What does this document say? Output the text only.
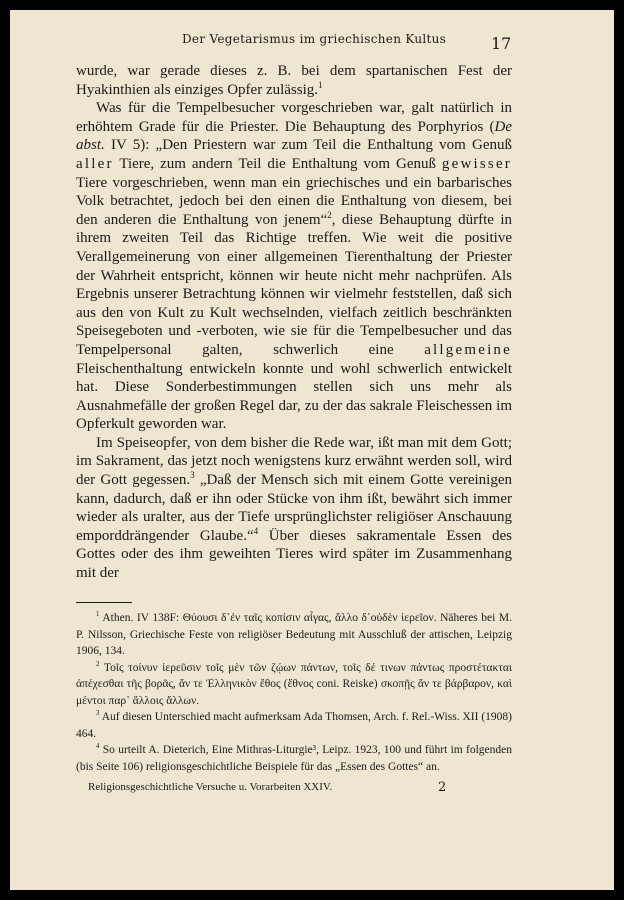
Der Vegetarismus im griechischen Kultus	17

wurde, war gerade dieses z. B. bei dem spartanischen Fest der Hyakinthien als einziges Opfer zulässig.$^1$

Was für die Tempelbesucher vorgeschrieben war, galt natürlich in erhöhtem Grade für die Priester. Die Behauptung des Porphyrios (De abst. IV 5): „Den Priestern war zum Teil die Enthaltung vom Genuß aller Tiere, zum andern Teil die Enthaltung vom Genuß gewisser Tiere vorgeschrieben, wenn man ein griechisches und ein barbarisches Volk betrachtet, jedoch bei den einen die Enthaltung von diesem, bei den anderen die Enthaltung von jenem“$^2$, diese Behauptung dürfte in ihrem zweiten Teil das Richtige treffen. Wie weit die positive Verallgemeinerung von einer allgemeinen Tierenthaltung der Priester der Wahrheit entspricht, können wir heute nicht mehr nachprüfen. Als Ergebnis unserer Betrachtung können wir vielmehr feststellen, daß sich aus den von Kult zu Kult wechselnden, vielfach zeitlich beschränkten Speisegeboten und -verboten, wie sie für die Tempelbesucher und das Tempelpersonal galten, schwerlich eine allgemeine Fleischenthaltung entwickeln konnte und wohl schwerlich entwickelt hat. Diese Sonderbestimmungen stellen sich uns mehr als Ausnahmefälle der großen Regel dar, zu der das sakrale Fleischessen im Opferkult geworden war.

Im Speiseopfer, von dem bisher die Rede war, ißt man mit dem Gott; im Sakrament, das jetzt noch wenigstens kurz erwähnt werden soll, wird der Gott gegessen.$^3$ „Daß der Mensch sich mit einem Gotte vereinigen kann, dadurch, daß er ihn oder Stücke von ihm ißt, bewährt sich immer wieder als uralter, aus der Tiefe ursprünglichster religiöser Anschauung emporddrängender Glaube.“$^4$ Über dieses sakramentale Essen des Gottes oder des ihm geweihten Tieres wird später im Zusammenhang mit der

$^1$ Athen. IV 138F: Θύουσι δ᾽ἐν ταῖς κοπίσιν αἶγας, ἄλλο δ᾽οὐδὲν ἱερεῖον. Näheres bei M. P. Nilsson, Griechische Feste von religiöser Bedeutung mit Ausschluß der attischen, Leipzig 1906, 134.

$^2$ Τοῖς τοίνυν ἱερεῦσιν τοῖς μὲν τῶν ζῴων πάντων, τοῖς δέ τινων πάντως προστέτακται ἀπέχεσθαι τῆς βορᾶς, ἄν τε Ἑλληνικὸν ἔθος (ἔθνος coni. Reiske) σκοπῇς ἄν τε βάρβαρον, καὶ μέντοι παρ᾽ ἄλλοις ἄλλων.

$^3$ Auf diesen Unterschied macht aufmerksam Ada Thomsen, Arch. f. Rel.-Wiss. XII (1908) 464.

$^4$ So urteilt A. Dieterich, Eine Mithras-Liturgie³, Leipz. 1923, 100 und führt im folgenden (bis Seite 106) religionsgeschichtliche Beispiele für das „Essen des Gottes“ an.

Religionsgeschichtliche Versuche u. Vorarbeiten XXIV.	2
